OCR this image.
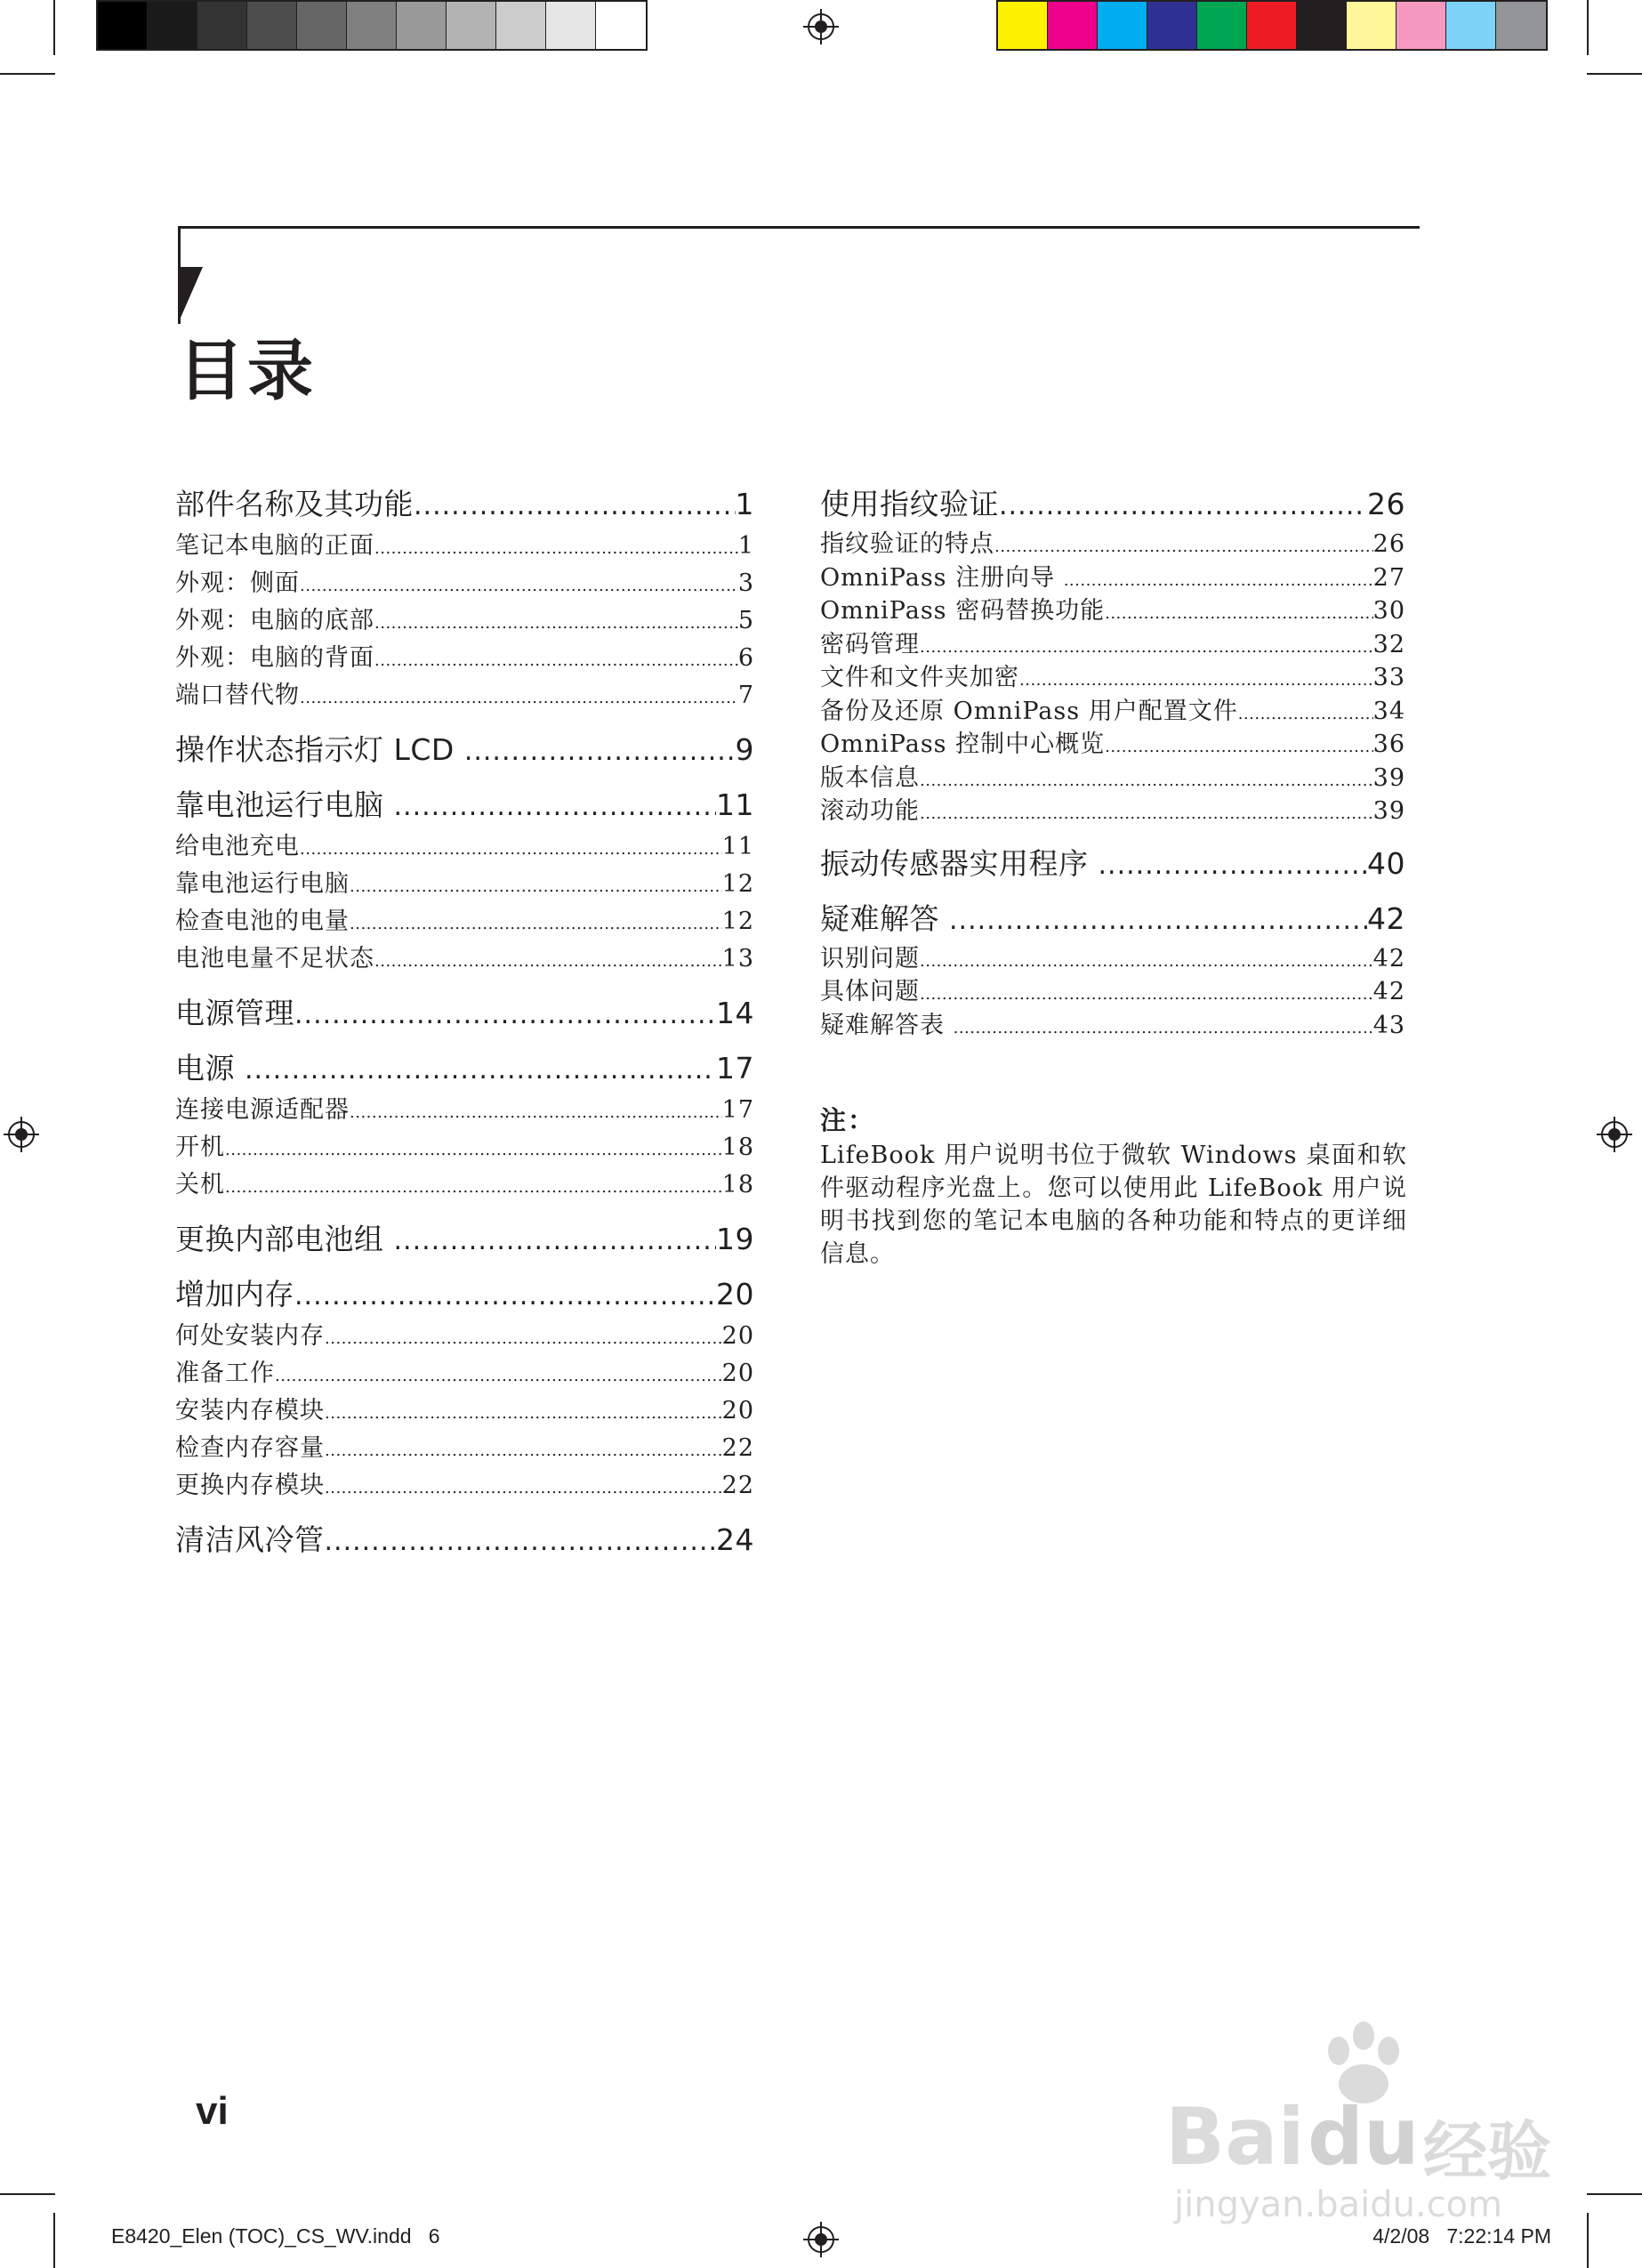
目录
部件名称及其功能 .....	1
笔记本电脑的正面 .....	1
外观：侧面 .....	3
外观：电脑的底部 .....	5
外观：电脑的背面 .....	6
端口替代物 .....	7
操作状态指示灯 LCD .....	9
靠电池运行电脑 .....	11
给电池充电 .....	11
靠电池运行电脑 .....	12
检查电池的电量 .....	12
电池电量不足状态 .....	13
电源管理 .....	14
电源 .....	17
连接电源适配器 .....	17
开机 .....	18
关机 .....	18
更换内部电池组 .....	19
增加内存 .....	20
何处安装内存 .....	20
准备工作 .....	20
安装内存模块 .....	20
检查内存容量 .....	22
更换内存模块 .....	22
清洁风冷管 .....	24
使用指纹验证 .....	26
指纹验证的特点 .....	26
OmniPass 注册向导 .....	27
OmniPass 密码替换功能 .....	30
密码管理 .....	32
文件和文件夹加密 .....	33
备份及还原 OmniPass 用户配置文件 .....	34
OmniPass 控制中心概览 .....	36
版本信息 .....	39
滚动功能 .....	39
振动传感器实用程序 .....	40
疑难解答 .....	42
识别问题 .....	42
具体问题 .....	42
疑难解答表 .....	43
注：
LifeBook 用户说明书位于微软 Windows 桌面和软件驱动程序光盘上。您可以使用此 LifeBook 用户说明书找到您的笔记本电脑的各种功能和特点的更详细信息。
vi
E8420_Elen (TOC)_CS_WV.indd   6	4/2/08   7:22:14 PM
Bai du 经验
jingyan.baidu.com
